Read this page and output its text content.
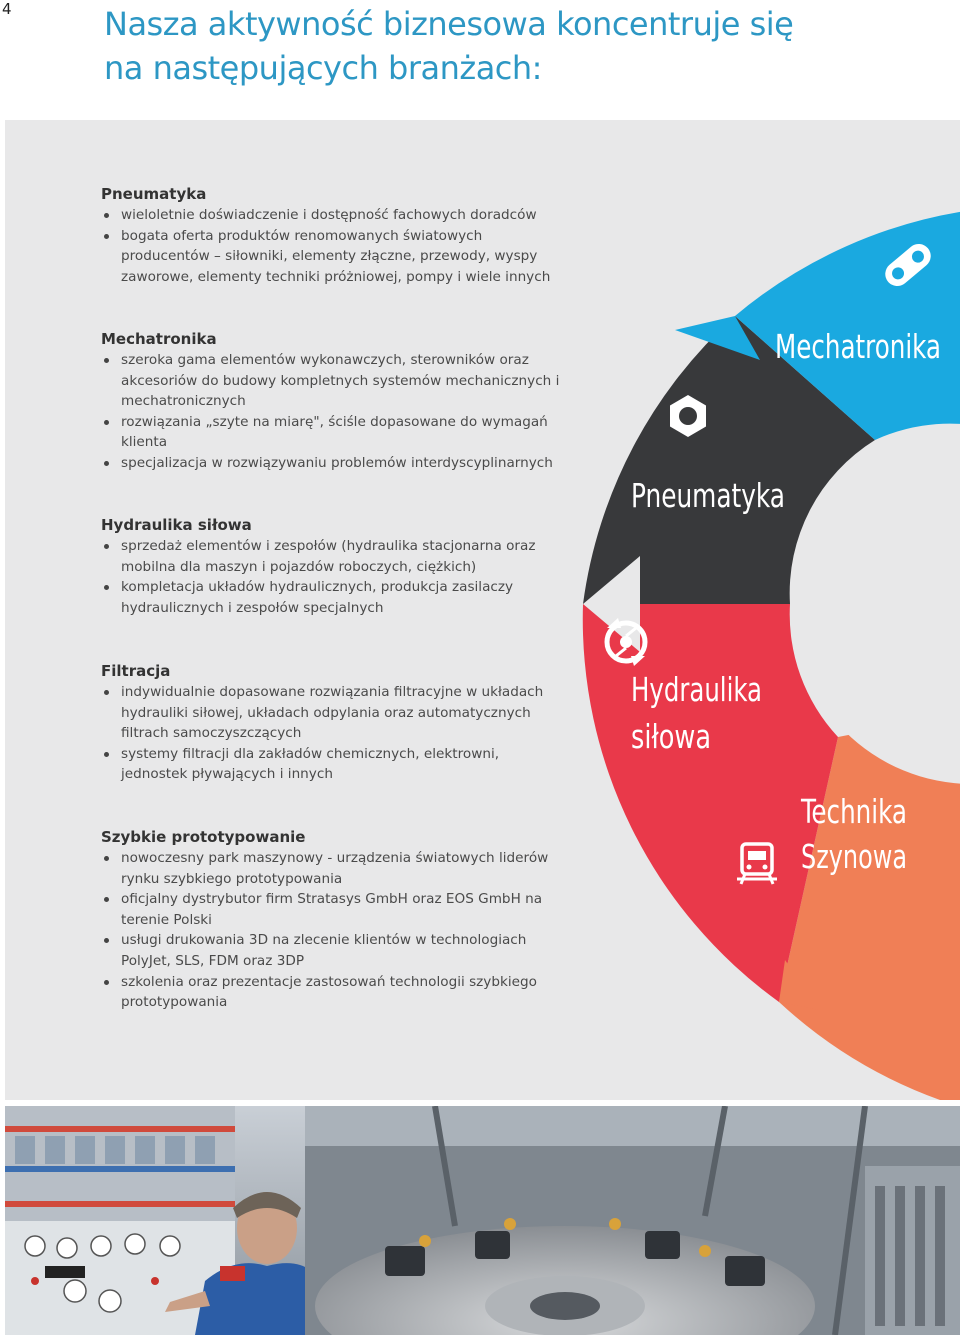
4	Nasza aktywność biznesowa koncentruje się
na następujących branżach:
Mechatronika
Pneumatyka
Hydraulika
siłowa
Technika
Szynowa
Pneumatyka
wieloletnie doświadczenie i dostępność fachowych doradców
bogata oferta produktów renomowanych światowych producentów – siłowniki, elementy złączne, przewody, wyspy zaworowe, elementy techniki próżniowej, pompy i wiele innych
Mechatronika
szeroka gama elementów wykonawczych, sterowników oraz akcesoriów do budowy kompletnych systemów mechanicznych i mechatronicznych
rozwiązania „szyte na miarę", ściśle dopasowane do wymagań klienta
specjalizacja w rozwiązywaniu problemów interdyscyplinarnych
Hydraulika siłowa
sprzedaż elementów i zespołów (hydraulika stacjonarna oraz mobilna dla maszyn i pojazdów roboczych, ciężkich)
kompletacja układów hydraulicznych, produkcja zasilaczy hydraulicznych i zespołów specjalnych
Filtracja
indywidualnie dopasowane rozwiązania filtracyjne w układach hydrauliki siłowej, układach odpylania oraz automatycznych filtrach samoczyszczących
systemy filtracji dla zakładów chemicznych, elektrowni, jednostek pływających i innych
Szybkie prototypowanie
nowoczesny park maszynowy - urządzenia światowych liderów rynku szybkiego prototypowania
oficjalny dystrybutor firm Stratasys GmbH oraz EOS GmbH na terenie Polski
usługi drukowania 3D na zlecenie klientów w technologiach PolyJet, SLS, FDM oraz 3DP
szkolenia oraz prezentacje zastosowań technologii szybkiego prototypowania
